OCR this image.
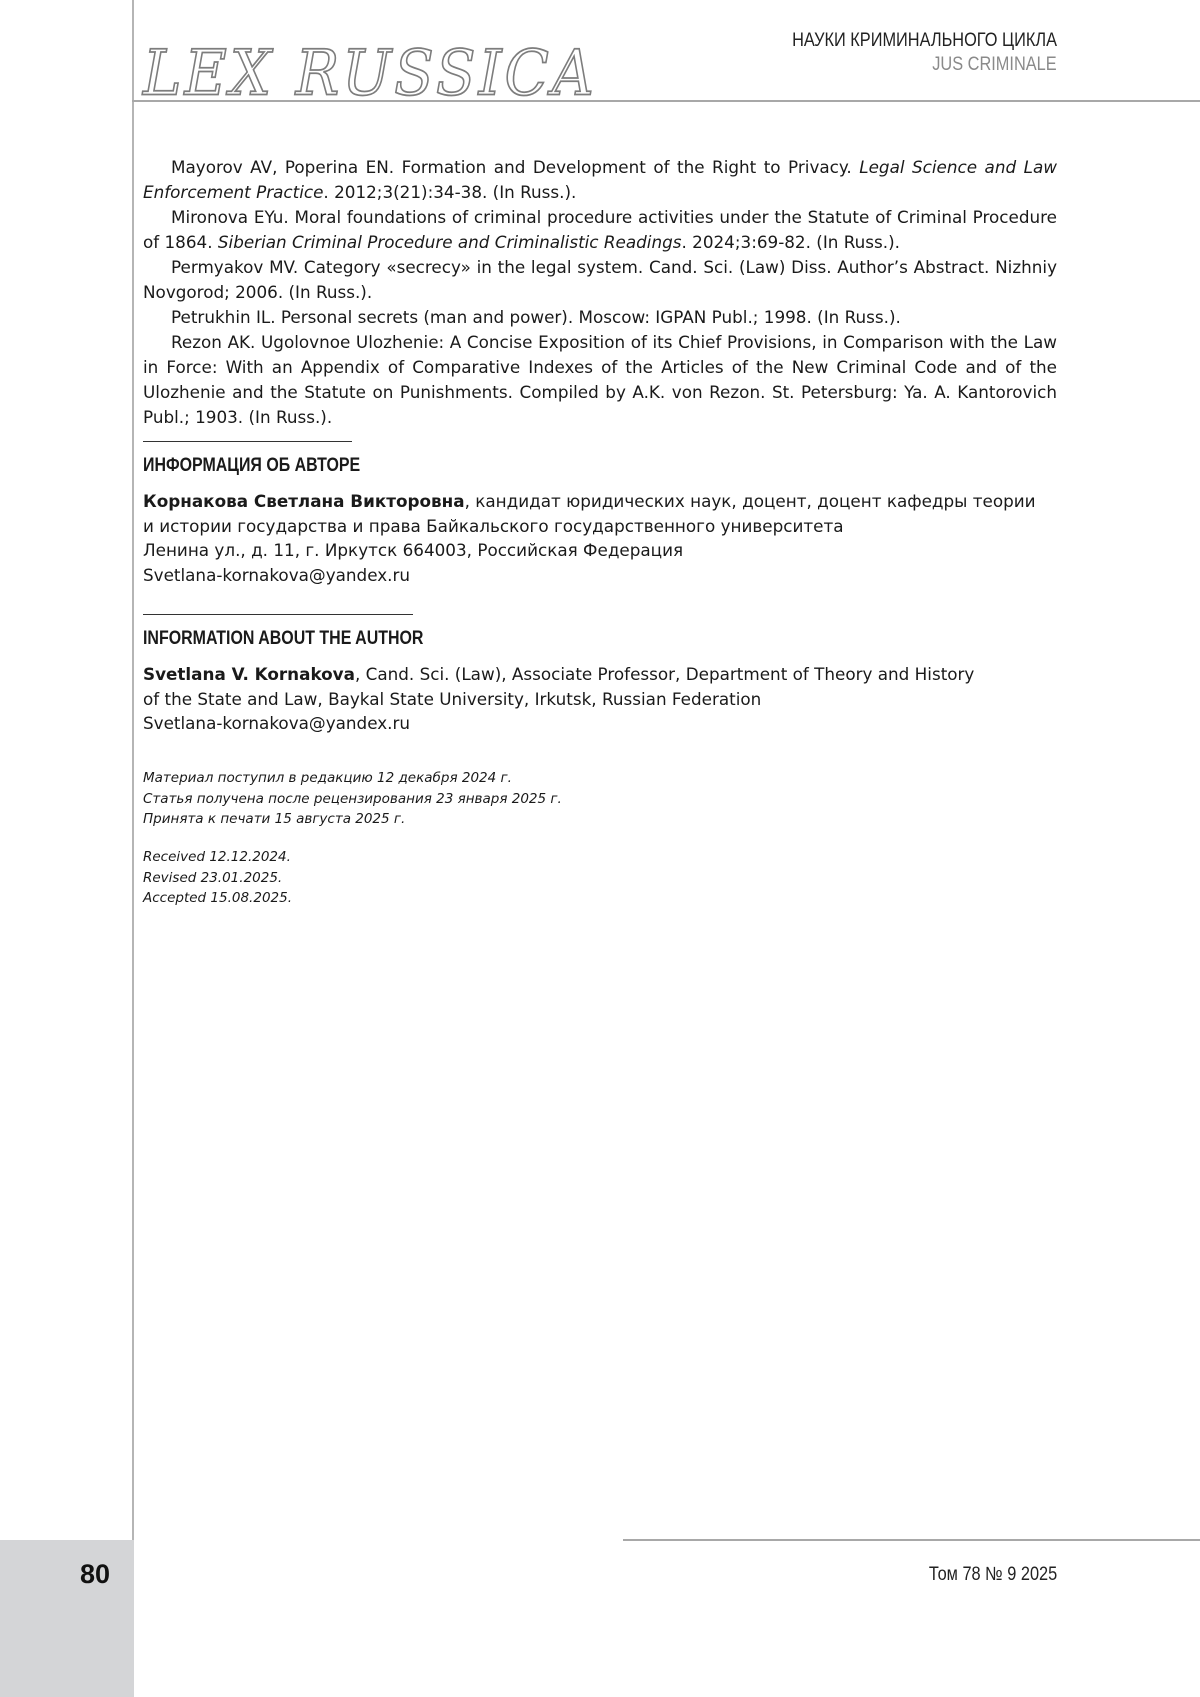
LEX RUSSICA	НАУКИ КРИМИНАЛЬНОГО ЦИКЛА
JUS CRIMINALE

Mayorov AV, Poperina EN. Formation and Development of the Right to Privacy. Legal Science and Law Enforcement Practice. 2012;3(21):34-38. (In Russ.).

Mironova EYu. Moral foundations of criminal procedure activities under the Statute of Criminal Procedure of 1864. Siberian Criminal Procedure and Criminalistic Readings. 2024;3:69-82. (In Russ.).

Permyakov MV. Category «secrecy» in the legal system. Cand. Sci. (Law) Diss. Author’s Abstract. Nizhniy Novgorod; 2006. (In Russ.).

Petrukhin IL. Personal secrets (man and power). Moscow: IGPAN Publ.; 1998. (In Russ.).

Rezon AK. Ugolovnoe Ulozhenie: A Concise Exposition of its Chief Provisions, in Comparison with the Law in Force: With an Appendix of Comparative Indexes of the Articles of the New Criminal Code and of the Ulozhenie and the Statute on Punishments. Compiled by A.K. von Rezon. St. Petersburg: Ya. A. Kantorovich Publ.; 1903. (In Russ.).

ИНФОРМАЦИЯ ОБ АВТОРЕ
Корнакова Светлана Викторовна, кандидат юридических наук, доцент, доцент кафедры теории
и истории государства и права Байкальского государственного университета
Ленина ул., д. 11, г. Иркутск 664003, Российская Федерация
Svetlana-kornakova@yandex.ru
INFORMATION ABOUT THE AUTHOR
Svetlana V. Kornakova, Cand. Sci. (Law), Associate Professor, Department of Theory and History
of the State and Law, Baykal State University, Irkutsk, Russian Federation
Svetlana-kornakova@yandex.ru
Материал поступил в редакцию 12 декабря 2024 г.
Статья получена после рецензирования 23 января 2025 г.
Принята к печати 15 августа 2025 г.
Received 12.12.2024.
Revised 23.01.2025.
Accepted 15.08.2025.
80	Том 78 № 9 2025
